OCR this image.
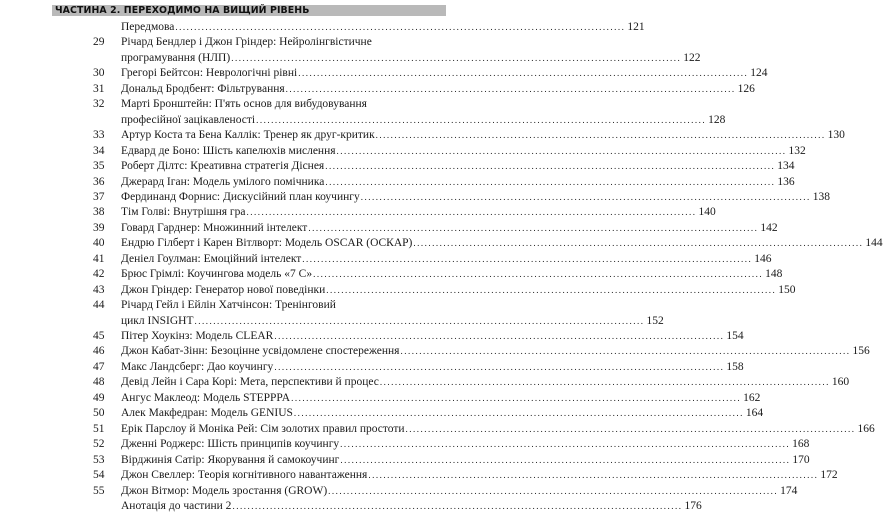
ЧАСТИНА 2. ПЕРЕХОДИМО НА ВИЩИЙ РІВЕНЬ
Передмова ........................................................................................................................ 121
29	Річард Бендлер і Джон Гріндер: Нейролінгвістичне
програмування (НЛП) ........................................................................................................................ 122
30	Грегорі Бейтсон: Неврологічні рівні ........................................................................................................................ 124
31	Дональд Бродбент: Фільтрування ........................................................................................................................ 126
32	Марті Бронштейн: П'ять основ для вибудовування
професійної зацікавленості ........................................................................................................................ 128
33	Артур Коста та Бена Каллік: Тренер як друг-критик ........................................................................................................................ 130
34	Едвард де Боно: Шість капелюхів мислення ........................................................................................................................ 132
35	Роберт Ділтс: Креативна стратегія Діснея ........................................................................................................................ 134
36	Джерард Іган: Модель умілого помічника ........................................................................................................................ 136
37	Фердинанд Форнис: Дискусійний план коучингу ........................................................................................................................ 138
38	Тім Голві: Внутрішня гра ........................................................................................................................ 140
39	Говард Гарднер: Множинний інтелект ........................................................................................................................ 142
40	Ендрю Гілберт і Карен Вітлворт: Модель OSCAR (ОСКАР) ........................................................................................................................ 144
41	Деніел Гоулман: Емоційний інтелект ........................................................................................................................ 146
42	Брюс Грімлі: Коучингова модель «7 C» ........................................................................................................................ 148
43	Джон Гріндер: Генератор нової поведінки ........................................................................................................................ 150
44	Річард Гейл і Ейлін Хатчінсон: Тренінговий
цикл INSIGHT ........................................................................................................................ 152
45	Пітер Хоукінз: Модель CLEAR ........................................................................................................................ 154
46	Джон Кабат-Зінн: Безоцінне усвідомлене спостереження ........................................................................................................................ 156
47	Макс Ландсберг: Дао коучингу ........................................................................................................................ 158
48	Девід Лейн і Сара Корі: Мета, перспективи й процес ........................................................................................................................ 160
49	Ангус Маклеод: Модель STEPPPA ........................................................................................................................ 162
50	Алек Макфедран: Модель GENIUS ........................................................................................................................ 164
51	Ерік Парслоу й Моніка Рей: Сім золотих правил простоти ........................................................................................................................ 166
52	Дженні Роджерс: Шість принципів коучингу ........................................................................................................................ 168
53	Вірджинія Сатір: Якорування й самокоучинг ........................................................................................................................ 170
54	Джон Свеллер: Теорія когнітивного навантаження ........................................................................................................................ 172
55	Джон Вітмор: Модель зростання (GROW) ........................................................................................................................ 174
Анотація до частини 2 ........................................................................................................................ 176
